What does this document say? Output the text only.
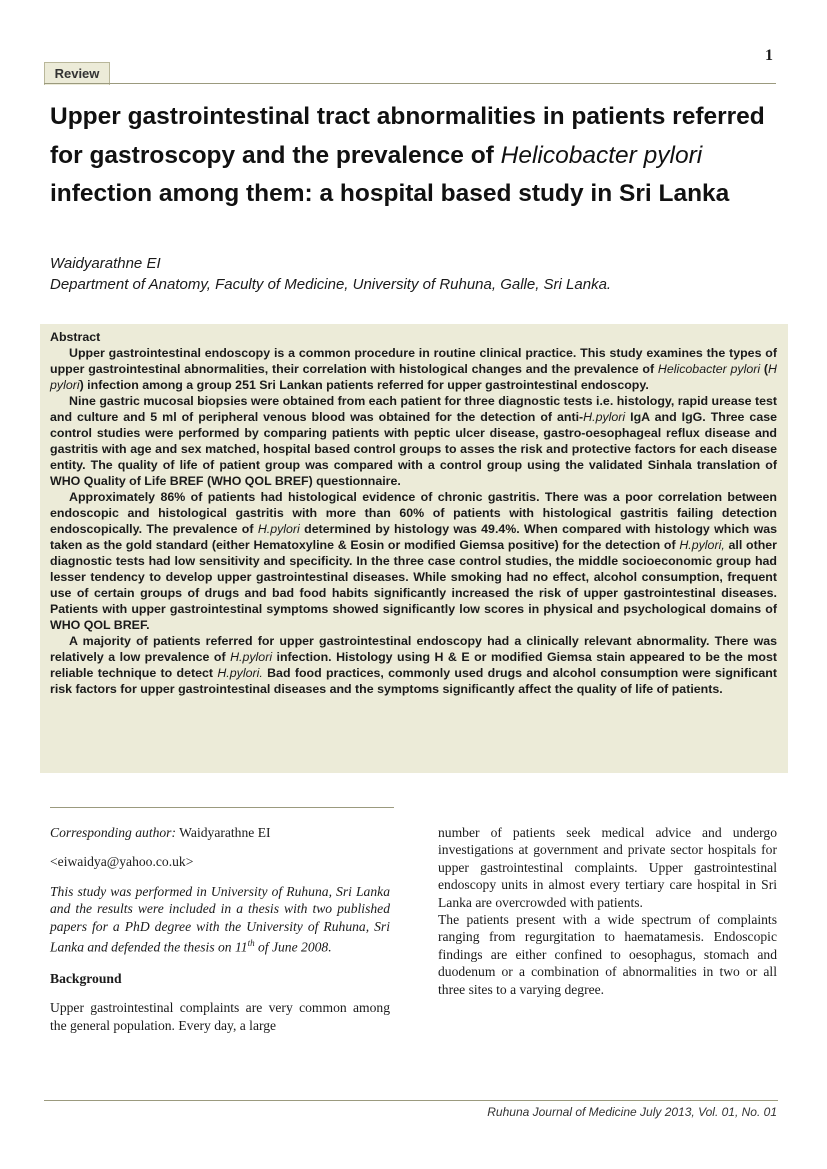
1
Review
Upper gastrointestinal tract abnormalities in patients referred for gastroscopy and the prevalence of Helicobacter pylori infection among them: a hospital based study in Sri Lanka
Waidyarathne EI
Department of Anatomy, Faculty of Medicine, University of Ruhuna, Galle, Sri Lanka.
Abstract

Upper gastrointestinal endoscopy is a common procedure in routine clinical practice. This study examines the types of upper gastrointestinal abnormalities, their correlation with histological changes and the prevalence of Helicobacter pylori (H pylori) infection among a group 251 Sri Lankan patients referred for upper gastrointestinal endoscopy.

Nine gastric mucosal biopsies were obtained from each patient for three diagnostic tests i.e. histology, rapid urease test and culture and 5 ml of peripheral venous blood was obtained for the detection of anti-H.pylori IgA and IgG. Three case control studies were performed by comparing patients with peptic ulcer disease, gastro-oesophageal reflux disease and gastritis with age and sex matched, hospital based control groups to asses the risk and protective factors for each disease entity. The quality of life of patient group was compared with a control group using the validated Sinhala translation of WHO Quality of Life BREF (WHO QOL BREF) questionnaire.

Approximately 86% of patients had histological evidence of chronic gastritis. There was a poor correlation between endoscopic and histological gastritis with more than 60% of patients with histological gastritis failing detection endoscopically. The prevalence of H.pylori determined by histology was 49.4%. When compared with histology which was taken as the gold standard (either Hematoxyline & Eosin or modified Giemsa positive) for the detection of H.pylori, all other diagnostic tests had low sensitivity and specificity. In the three case control studies, the middle socioeconomic group had lesser tendency to develop upper gastrointestinal diseases. While smoking had no effect, alcohol consumption, frequent use of certain groups of drugs and bad food habits significantly increased the risk of upper gastrointestinal diseases. Patients with upper gastrointestinal symptoms showed significantly low scores in physical and psychological domains of WHO QOL BREF.

A majority of patients referred for upper gastrointestinal endoscopy had a clinically relevant abnormality. There was relatively a low prevalence of H.pylori infection. Histology using H & E or modified Giemsa stain appeared to be the most reliable technique to detect H.pylori. Bad food practices, commonly used drugs and alcohol consumption were significant risk factors for upper gastrointestinal diseases and the symptoms significantly affect the quality of life of patients.

Corresponding author: Waidyarathne EI

<eiwaidya@yahoo.co.uk>

This study was performed in University of Ruhuna, Sri Lanka and the results were included in a thesis with two published papers for a PhD degree with the University of Ruhuna, Sri Lanka and defended the thesis on 11th of June 2008.

Background

Upper gastrointestinal complaints are very common among the general population. Every day, a large

number of patients seek medical advice and undergo investigations at government and private sector hospitals for upper gastrointestinal complaints. Upper gastrointestinal endoscopy units in almost every tertiary care hospital in Sri Lanka are overcrowded with patients.

The patients present with a wide spectrum of complaints ranging from regurgitation to haematamesis. Endoscopic findings are either confined to oesophagus, stomach and duodenum or a combination of abnormalities in two or all three sites to a varying degree.

Ruhuna Journal of Medicine July 2013, Vol. 01, No. 01
